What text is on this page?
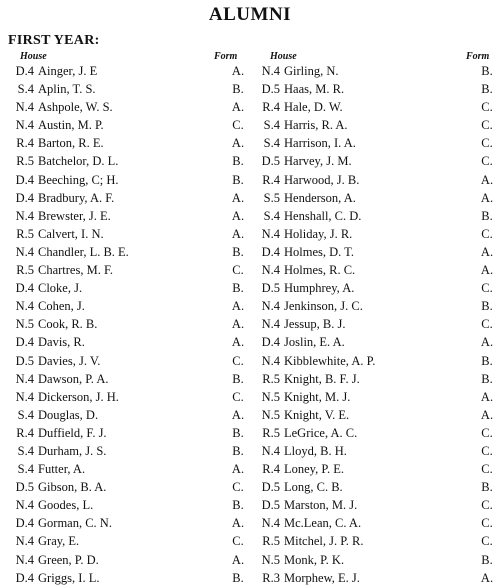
ALUMNI
FIRST YEAR:
House	Form	House	Form
D.4 Ainger, J. E	A.
S.4 Aplin, T. S.	B.
N.4 Ashpole, W. S.	A.
N.4 Austin, M. P.	C.
R.4 Barton, R. E.	A.
R.5 Batchelor, D. L.	B.
D.4 Beeching, C; H.	B.
D.4 Bradbury, A. F.	A.
N.4 Brewster, J. E.	A.
R.5 Calvert, I. N.	A.
N.4 Chandler, L. B. E.	B.
R.5 Chartres, M. F.	C.
D.4 Cloke, J.	B.
N.4 Cohen, J.	A.
N.5 Cook, R. B.	A.
D.4 Davis, R.	A.
D.5 Davies, J. V.	C.
N.4 Dawson, P. A.	B.
N.4 Dickerson, J. H.	C.
S.4 Douglas, D.	A.
R.4 Duffield, F. J.	B.
S.4 Durham, J. S.	B.
S.4 Futter, A.	A.
D.5 Gibson, B. A.	C.
N.4 Goodes, L.	B.
D.4 Gorman, C. N.	A.
N.4 Gray, E.	C.
N.4 Green, P. D.	A.
D.4 Griggs, I. L.	B.
N.4 Girling, N.	B.
D.5 Haas, M. R.	B.
R.4 Hale, D. W.	C.
S.4 Harris, R. A.	C.
S.4 Harrison, I. A.	C.
D.5 Harvey, J. M.	C.
R.4 Harwood, J. B.	A.
S.5 Henderson, A.	A.
S.4 Henshall, C. D.	B.
N.4 Holiday, J. R.	C.
D.4 Holmes, D. T.	A.
N.4 Holmes, R. C.	A.
D.5 Humphrey, A.	C.
N.4 Jenkinson, J. C.	B.
N.4 Jessup, B. J.	C.
D.4 Joslin, E. A.	A.
N.4 Kibblewhite, A. P.	B.
R.5 Knight, B. F. J.	B.
N.5 Knight, M. J.	A.
N.5 Knight, V. E.	A.
R.5 LeGrice, A. C.	C.
N.4 Lloyd, B. H.	C.
R.4 Loney, P. E.	C.
D.5 Long, C. B.	B.
D.5 Marston, M. J.	C.
N.4 Mc.Lean, C. A.	C.
R.5 Mitchel, J. P. R.	C.
N.5 Monk, P. K.	B.
R.3 Morphew, E. J.	A.
